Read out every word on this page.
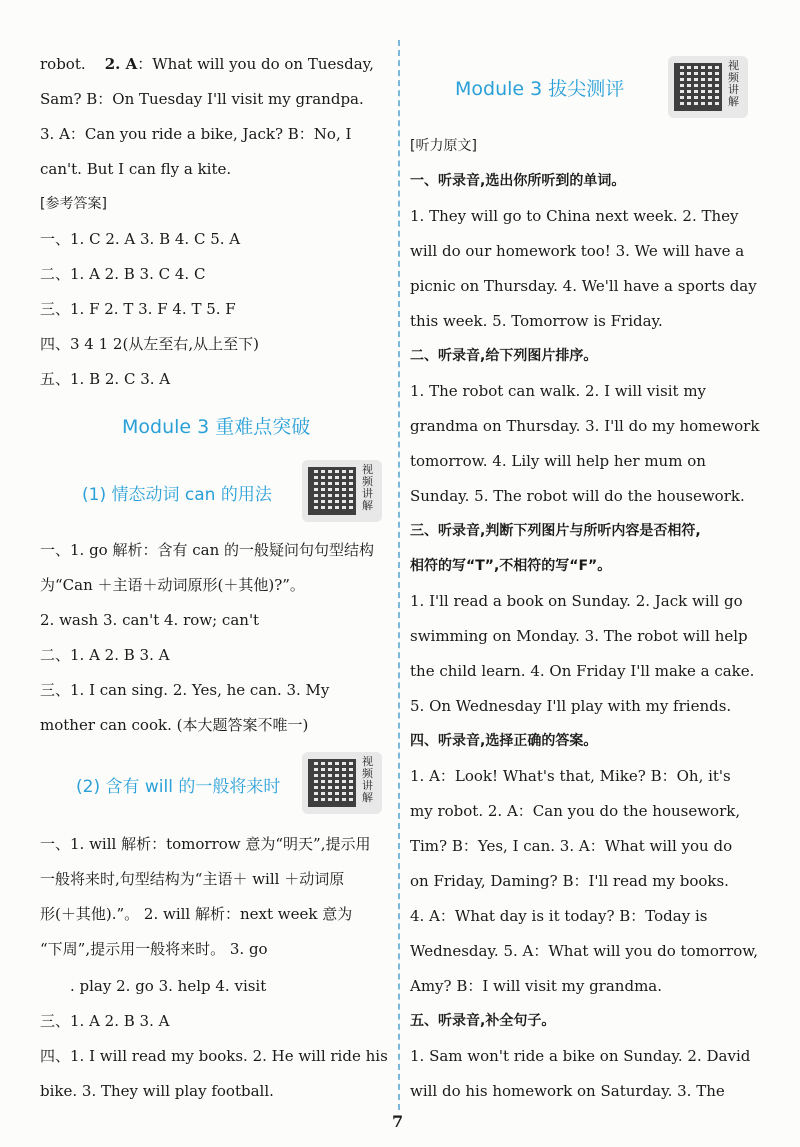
robot. 2. A：What will you do on Tuesday,
Sam? B：On Tuesday I'll visit my grandpa.
3. A：Can you ride a bike, Jack? B：No, I
can't. But I can fly a kite.
[参考答案]
一、1. C 2. A 3. B 4. C 5. A
二、1. A 2. B 3. C 4. C
三、1. F 2. T 3. F 4. T 5. F
四、3 4 1 2(从左至右,从上至下)
五、1. B 2. C 3. A
Module 3 重难点突破
(1) 情态动词 can 的用法
视频讲解
一、1. go 解析：含有 can 的一般疑问句句型结构
为“Can ＋主语＋动词原形(＋其他)?”。
2. wash 3. can't 4. row; can't
二、1. A 2. B 3. A
三、1. I can sing. 2. Yes, he can. 3. My
mother can cook. (本大题答案不唯一)
(2) 含有 will 的一般将来时
视频讲解
一、1. will 解析：tomorrow 意为“明天”,提示用
一般将来时,句型结构为“主语＋ will ＋动词原
形(＋其他).”。 2. will 解析：next week 意为
“下周”,提示用一般将来时。 3. go
. play 2. go 3. help 4. visit
三、1. A 2. B 3. A
四、1. I will read my books. 2. He will ride his
bike. 3. They will play football.
Module 3 拔尖测评
视频讲解
[听力原文]
一、听录音,选出你所听到的单词。
1. They will go to China next week. 2. They
will do our homework too! 3. We will have a
picnic on Thursday. 4. We'll have a sports day
this week. 5. Tomorrow is Friday.
二、听录音,给下列图片排序。
1. The robot can walk. 2. I will visit my
grandma on Thursday. 3. I'll do my homework
tomorrow. 4. Lily will help her mum on
Sunday. 5. The robot will do the housework.
三、听录音,判断下列图片与所听内容是否相符,
相符的写“T”,不相符的写“F”。
1. I'll read a book on Sunday. 2. Jack will go
swimming on Monday. 3. The robot will help
the child learn. 4. On Friday I'll make a cake.
5. On Wednesday I'll play with my friends.
四、听录音,选择正确的答案。
1. A：Look! What's that, Mike? B：Oh, it's
my robot. 2. A：Can you do the housework,
Tim? B：Yes, I can. 3. A：What will you do
on Friday, Daming? B：I'll read my books.
4. A：What day is it today? B：Today is
Wednesday. 5. A：What will you do tomorrow,
Amy? B：I will visit my grandma.
五、听录音,补全句子。
1. Sam won't ride a bike on Sunday. 2. David
will do his homework on Saturday. 3. The
7
